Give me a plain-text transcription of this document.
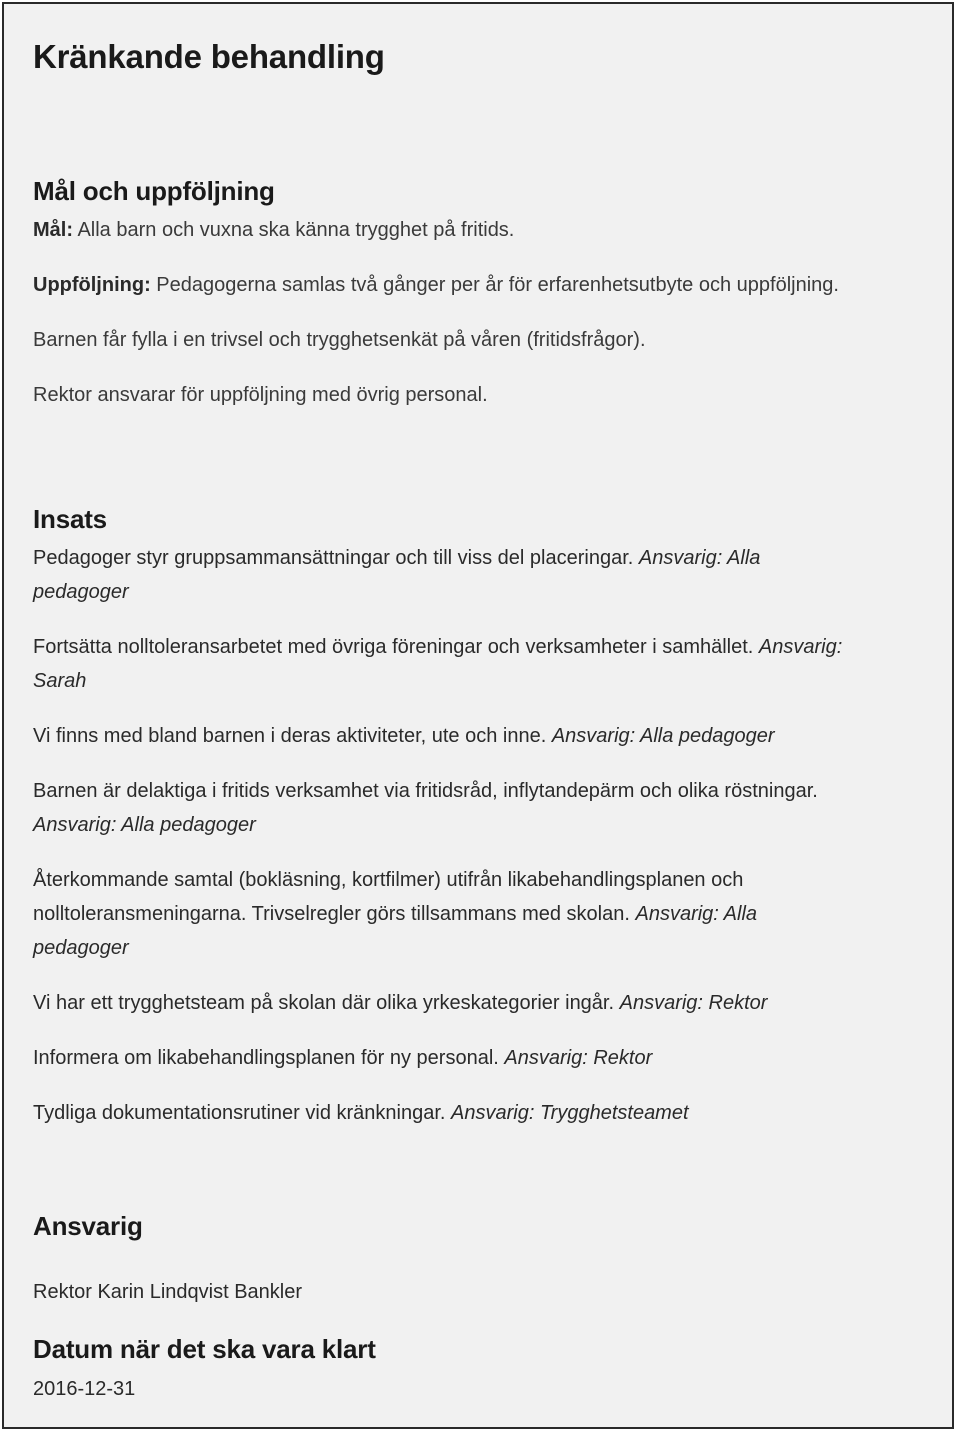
Kränkande behandling
Mål och uppföljning

Mål: Alla barn och vuxna ska känna trygghet på fritids.

Uppföljning: Pedagogerna samlas två gånger per år för erfarenhetsutbyte och uppföljning.

Barnen får fylla i en trivsel och trygghetsenkät på våren (fritidsfrågor).

Rektor ansvarar för uppföljning med övrig personal.

Insats

Pedagoger styr gruppsammansättningar och till viss del placeringar. Ansvarig: Alla

pedagoger

Fortsätta nolltoleransarbetet med övriga föreningar och verksamheter i samhället. Ansvarig:

Sarah

Vi finns med bland barnen i deras aktiviteter, ute och inne. Ansvarig: Alla pedagoger

Barnen är delaktiga i fritids verksamhet via fritidsråd, inflytandepärm och olika röstningar.

Ansvarig: Alla pedagoger

Återkommande samtal (bokläsning, kortfilmer) utifrån likabehandlingsplanen och

nolltoleransmeningarna. Trivselregler görs tillsammans med skolan. Ansvarig: Alla

pedagoger

Vi har ett trygghetsteam på skolan där olika yrkeskategorier ingår. Ansvarig: Rektor

Informera om likabehandlingsplanen för ny personal. Ansvarig: Rektor

Tydliga dokumentationsrutiner vid kränkningar. Ansvarig: Trygghetsteamet

Ansvarig

Rektor Karin Lindqvist Bankler

Datum när det ska vara klart

2016-12-31
